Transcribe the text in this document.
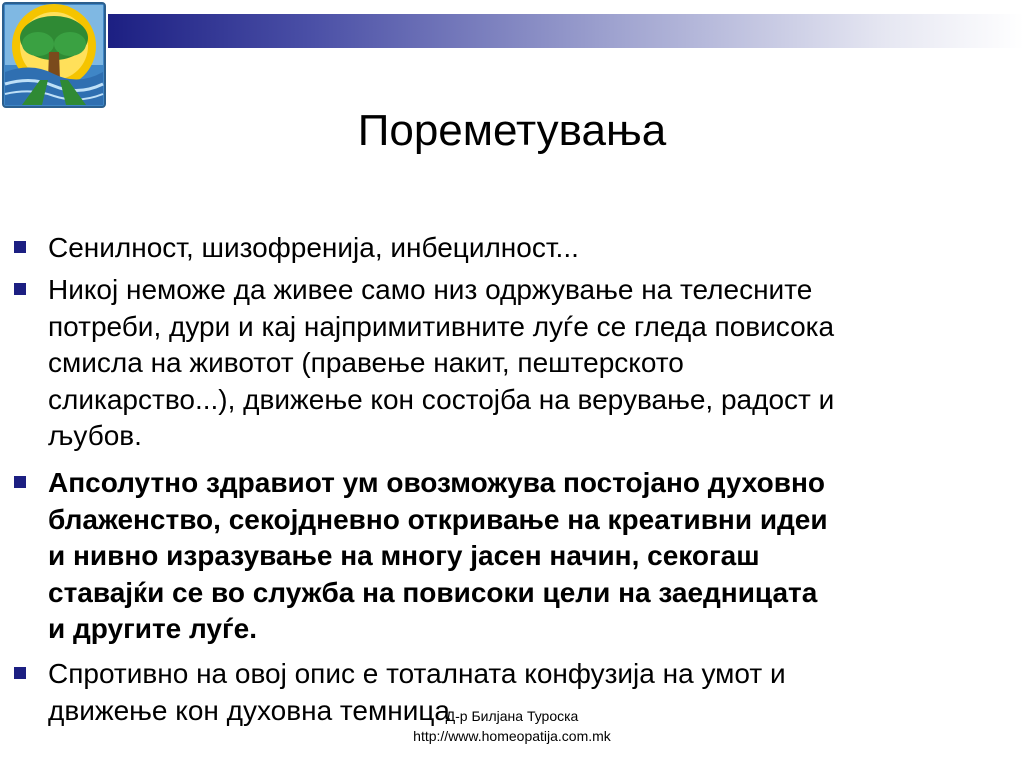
Пореметувања
Сенилност, шизофренија, инбецилност...
Никој неможе да живее само низ одржување на телесните
потреби, дури и кај најпримитивните луѓе се гледа повисока
смисла на животот (правење накит, пештерското
сликарство...), движење кон состојба на верување, радост и
љубов.
Апсолутно здравиот ум овозможува постојано духовно
блаженство, секојдневно откривање на креативни идеи
и нивно изразување на многу јасен начин, секогаш
ставајќи се во служба на повисоки цели на заедницата
и другите луѓе.
Спротивно на овој опис е тоталната конфузија на умот и
движење кон духовна темница
Д-р Билјана Туроска
http://www.homeopatija.com.mk
